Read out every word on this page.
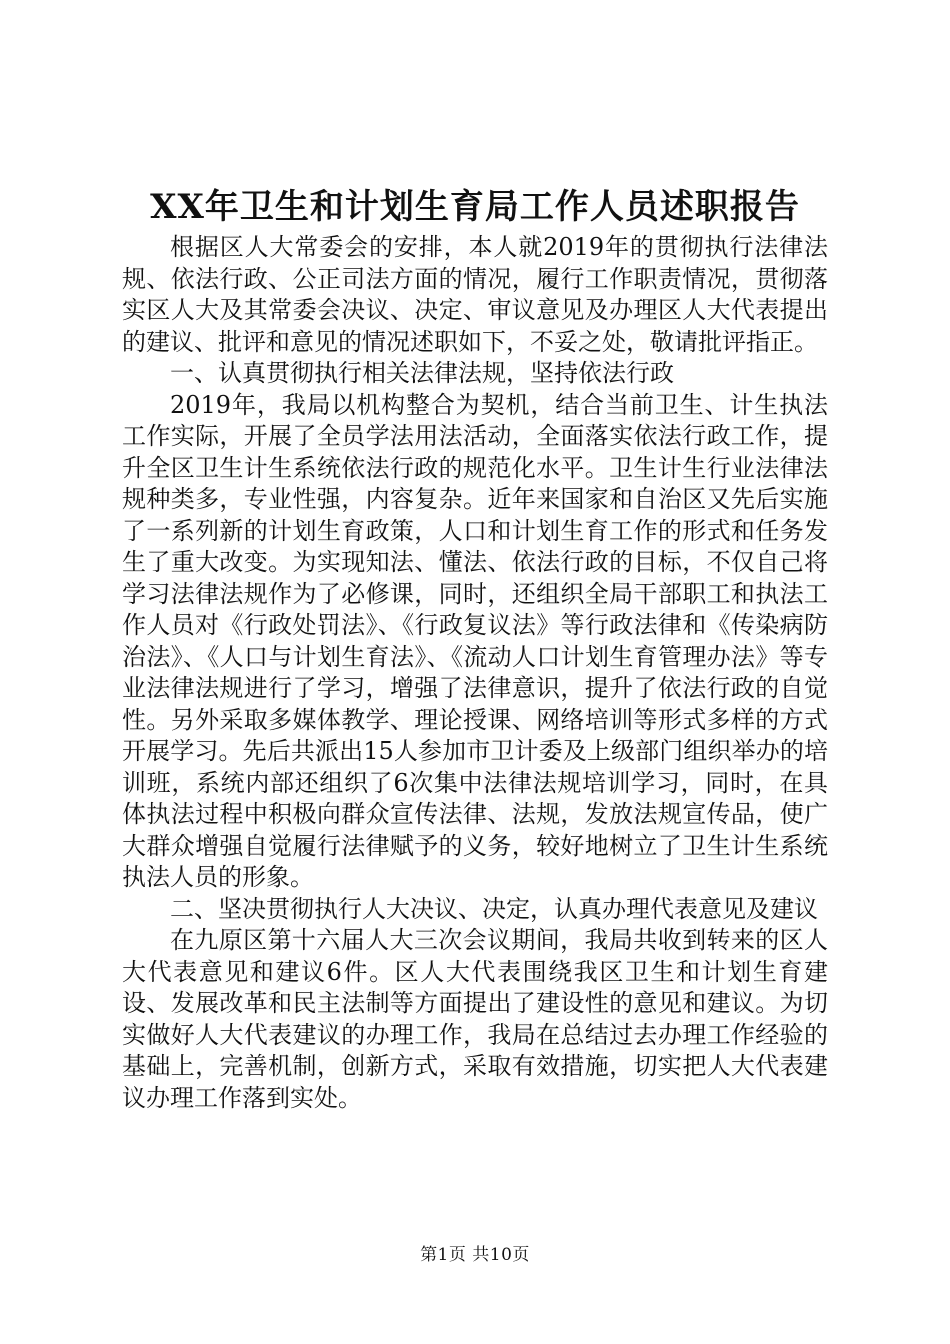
XX年卫生和计划生育局工作人员述职报告

根据区人大常委会的安排，本人就2019年的贯彻执行法律法规、依法行政、公正司法方面的情况，履行工作职责情况，贯彻落实区人大及其常委会决议、决定、审议意见及办理区人大代表提出的建议、批评和意见的情况述职如下，不妥之处，敬请批评指正。

一、认真贯彻执行相关法律法规，坚持依法行政

2019年，我局以机构整合为契机，结合当前卫生、计生执法工作实际，开展了全员学法用法活动，全面落实依法行政工作，提升全区卫生计生系统依法行政的规范化水平。卫生计生行业法律法规种类多，专业性强，内容复杂。近年来国家和自治区又先后实施了一系列新的计划生育政策，人口和计划生育工作的形式和任务发生了重大改变。为实现知法、懂法、依法行政的目标，不仅自己将学习法律法规作为了必修课，同时，还组织全局干部职工和执法工作人员对《行政处罚法》、《行政复议法》等行政法律和《传染病防治法》、《人口与计划生育法》、《流动人口计划生育管理办法》等专业法律法规进行了学习，增强了法律意识，提升了依法行政的自觉性。另外采取多媒体教学、理论授课、网络培训等形式多样的方式开展学习。先后共派出15人参加市卫计委及上级部门组织举办的培训班，系统内部还组织了6次集中法律法规培训学习，同时，在具体执法过程中积极向群众宣传法律、法规，发放法规宣传品，使广大群众增强自觉履行法律赋予的义务，较好地树立了卫生计生系统执法人员的形象。

二、坚决贯彻执行人大决议、决定，认真办理代表意见及建议

在九原区第十六届人大三次会议期间，我局共收到转来的区人大代表意见和建议6件。区人大代表围绕我区卫生和计划生育建设、发展改革和民主法制等方面提出了建设性的意见和建议。为切实做好人大代表建议的办理工作，我局在总结过去办理工作经验的基础上，完善机制，创新方式，采取有效措施，切实把人大代表建议办理工作落到实处。

第1页 共10页
